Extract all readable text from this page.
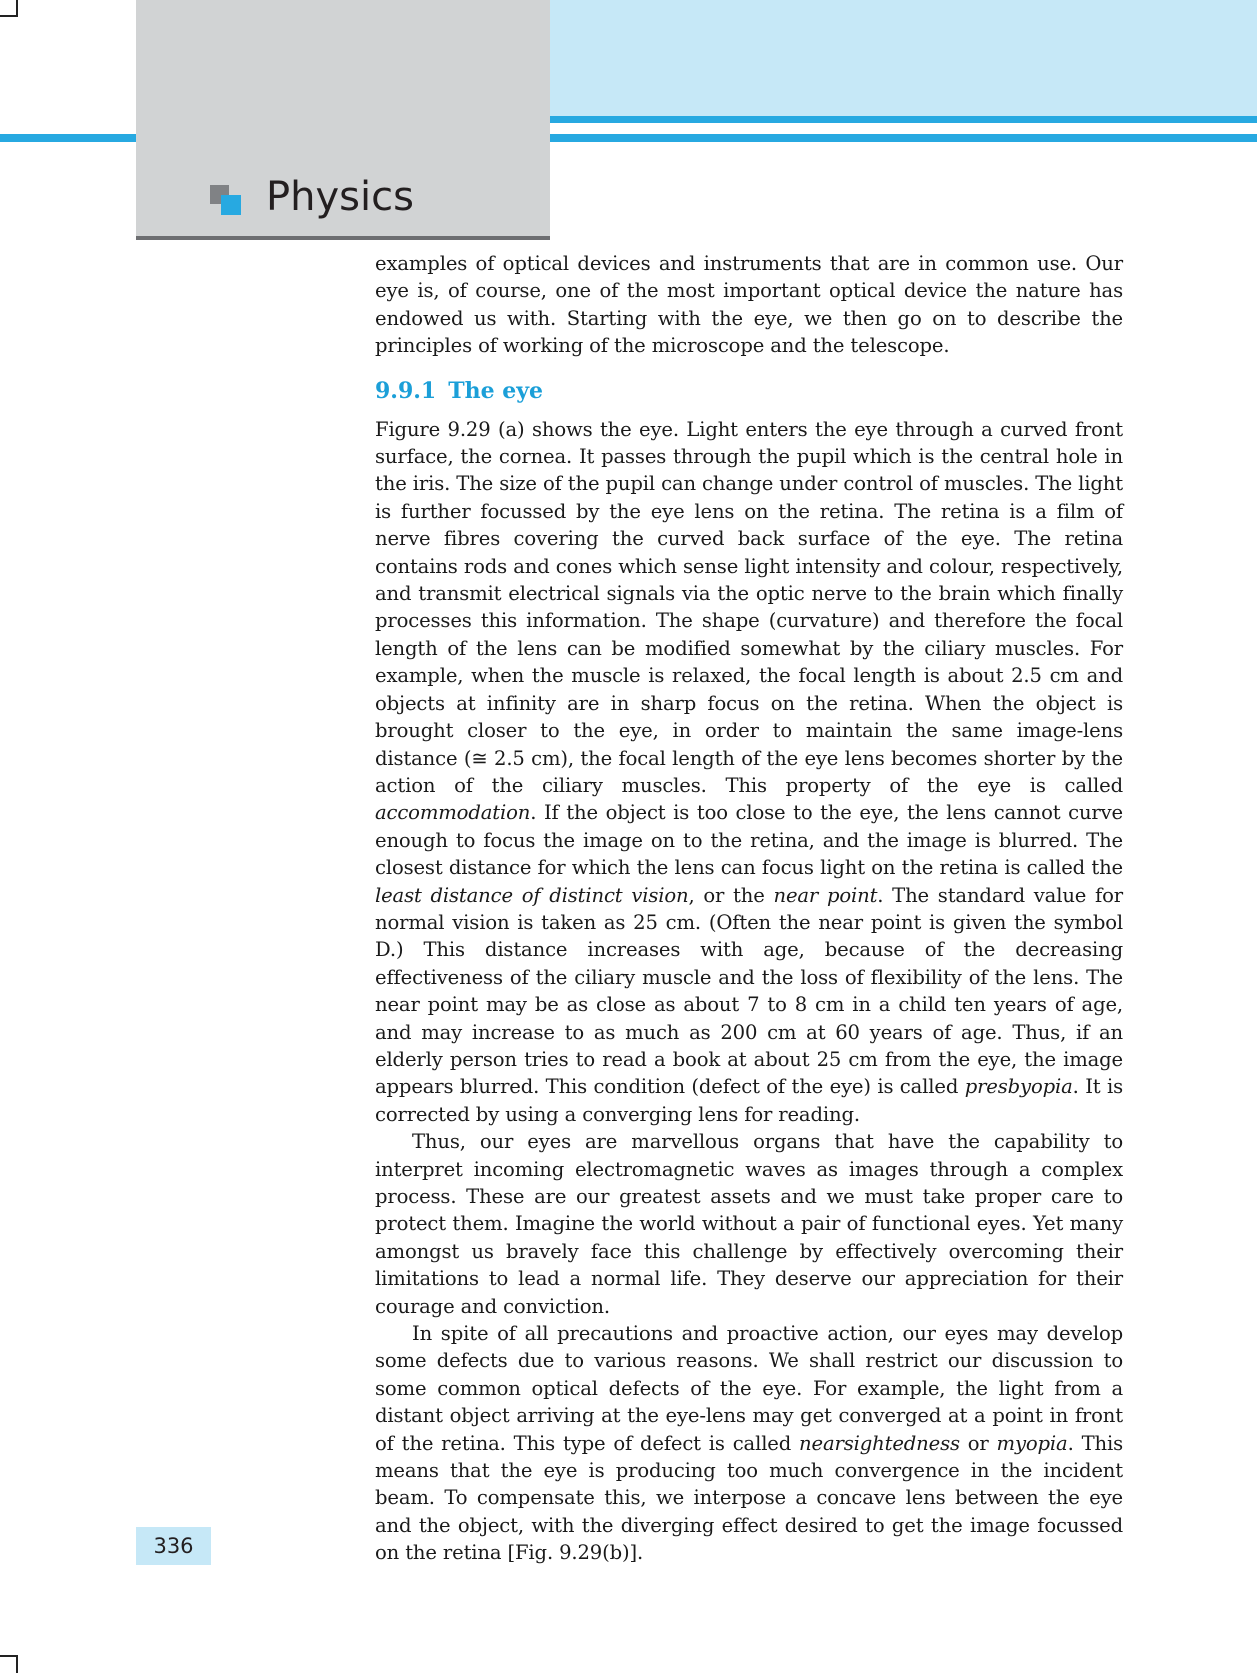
Physics

examples of optical devices and instruments that are in common use. Our eye is, of course, one of the most important optical device the nature has endowed us with. Starting with the eye, we then go on to describe the principles of working of the microscope and the telescope.

9.9.1 The eye

Figure 9.29 (a) shows the eye. Light enters the eye through a curved front surface, the cornea. It passes through the pupil which is the central hole in the iris. The size of the pupil can change under control of muscles. The light is further focussed by the eye lens on the retina. The retina is a film of nerve fibres covering the curved back surface of the eye. The retina contains rods and cones which sense light intensity and colour, respectively, and transmit electrical signals via the optic nerve to the brain which finally processes this information. The shape (curvature) and therefore the focal length of the lens can be modified somewhat by the ciliary muscles. For example, when the muscle is relaxed, the focal length is about 2.5 cm and objects at infinity are in sharp focus on the retina. When the object is brought closer to the eye, in order to maintain the same image-lens distance (≅ 2.5 cm), the focal length of the eye lens becomes shorter by the action of the ciliary muscles. This property of the eye is called accommodation. If the object is too close to the eye, the lens cannot curve enough to focus the image on to the retina, and the image is blurred. The closest distance for which the lens can focus light on the retina is called the least distance of distinct vision, or the near point. The standard value for normal vision is taken as 25 cm. (Often the near point is given the symbol D.) This distance increases with age, because of the decreasing effectiveness of the ciliary muscle and the loss of flexibility of the lens. The near point may be as close as about 7 to 8 cm in a child ten years of age, and may increase to as much as 200 cm at 60 years of age. Thus, if an elderly person tries to read a book at about 25 cm from the eye, the image appears blurred. This condition (defect of the eye) is called presbyopia. It is corrected by using a converging lens for reading.

Thus, our eyes are marvellous organs that have the capability to interpret incoming electromagnetic waves as images through a complex process. These are our greatest assets and we must take proper care to protect them. Imagine the world without a pair of functional eyes. Yet many amongst us bravely face this challenge by effectively overcoming their limitations to lead a normal life. They deserve our appreciation for their courage and conviction.

In spite of all precautions and proactive action, our eyes may develop some defects due to various reasons. We shall restrict our discussion to some common optical defects of the eye. For example, the light from a distant object arriving at the eye-lens may get converged at a point in front of the retina. This type of defect is called nearsightedness or myopia. This means that the eye is producing too much convergence in the incident beam. To compensate this, we interpose a concave lens between the eye and the object, with the diverging effect desired to get the image focussed on the retina [Fig. 9.29(b)].

336
